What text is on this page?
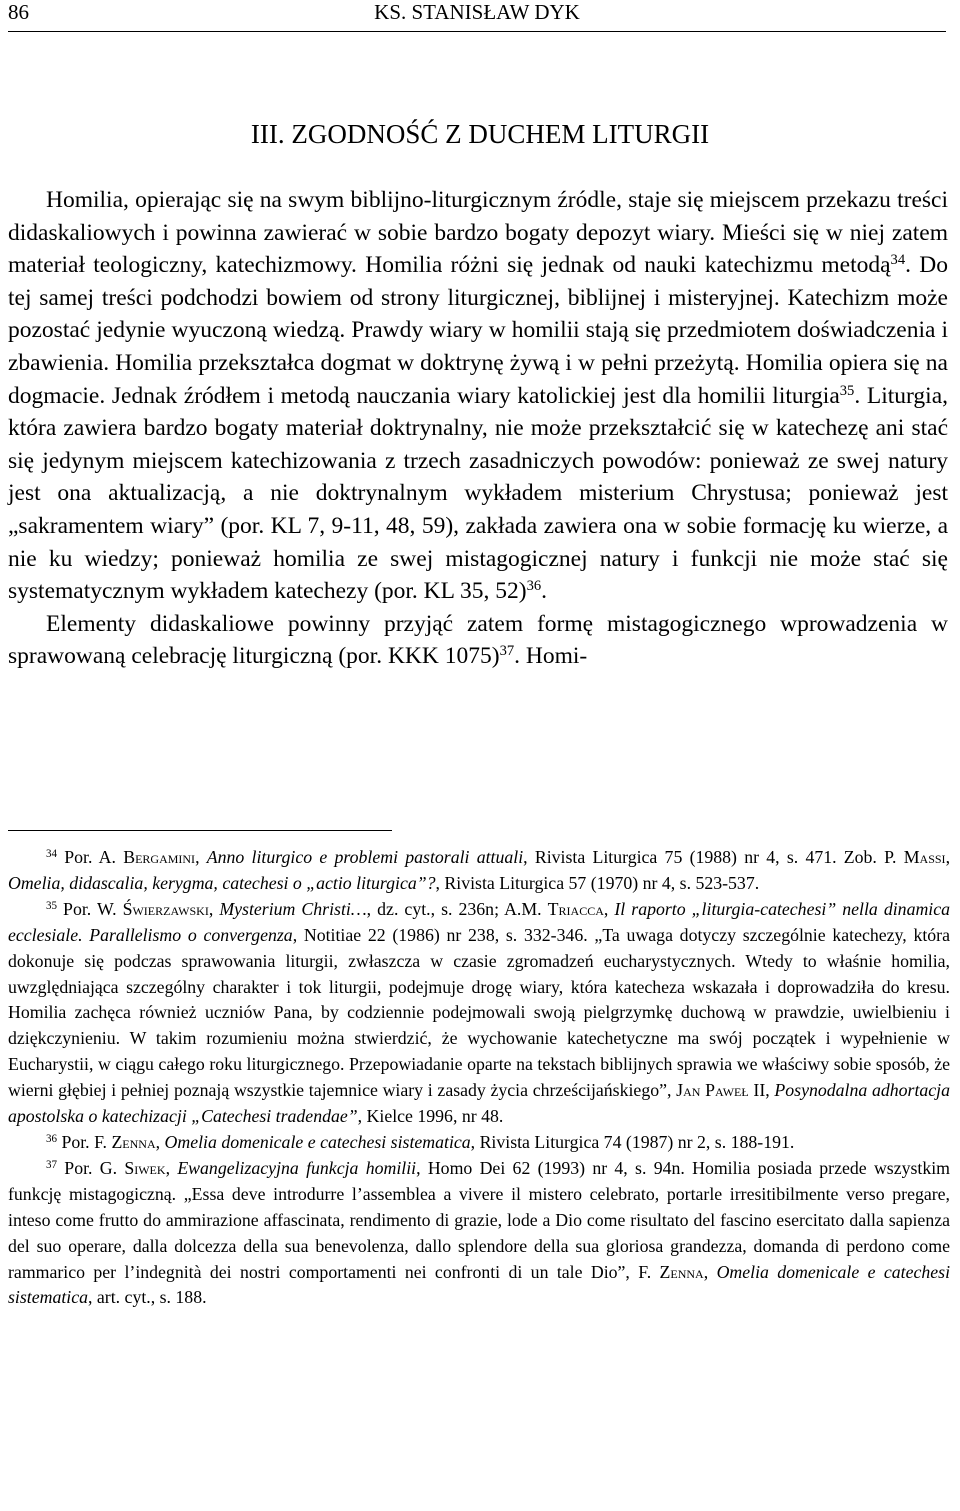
86	KS. STANISŁAW DYK
III. ZGODNOŚĆ Z DUCHEM LITURGII

Homilia, opierając się na swym biblijno-liturgicznym źródle, staje się miejscem przekazu treści didaskaliowych i powinna zawierać w sobie bardzo bogaty depozyt wiary. Mieści się w niej zatem materiał teologiczny, katechizmowy. Homilia różni się jednak od nauki katechizmu metodą$^{34}$. Do tej samej treści podchodzi bowiem od strony liturgicznej, biblijnej i misteryjnej. Katechizm może pozostać jedynie wyuczoną wiedzą. Prawdy wiary w homilii stają się przedmiotem doświadczenia i zbawienia. Homilia przekształca dogmat w doktrynę żywą i w pełni przeżytą. Homilia opiera się na dogmacie. Jednak źródłem i metodą nauczania wiary katolickiej jest dla homilii liturgia$^{35}$. Liturgia, która zawiera bardzo bogaty materiał doktrynalny, nie może przekształcić się w katechezę ani stać się jedynym miejscem katechizowania z trzech zasadniczych powodów: ponieważ ze swej natury jest ona aktualizacją, a nie doktrynalnym wykładem misterium Chrystusa; ponieważ jest „sakramentem wiary” (por. KL 7, 9-11, 48, 59), zakłada zawiera ona w sobie formację ku wierze, a nie ku wiedzy; ponieważ homilia ze swej mistagogicznej natury i funkcji nie może stać się systematycznym wykładem katechezy (por. KL 35, 52)$^{36}$.

Elementy didaskaliowe powinny przyjąć zatem formę mistagogicznego wprowadzenia w sprawowaną celebrację liturgiczną (por. KKK 1075)$^{37}$. Homi-

$^{34}$ Por. A. Bergamini, Anno liturgico e problemi pastorali attuali, Rivista Liturgica 75 (1988) nr 4, s. 471. Zob. P. Massi, Omelia, didascalia, kerygma, catechesi o „actio liturgica”?, Rivista Liturgica 57 (1970) nr 4, s. 523-537.

$^{35}$ Por. W. Świerzawski, Mysterium Christi…, dz. cyt., s. 236n; A.M. Triacca, Il raporto „liturgia-catechesi” nella dinamica ecclesiale. Parallelismo o convergenza, Notitiae 22 (1986) nr 238, s. 332-346. „Ta uwaga dotyczy szczególnie katechezy, która dokonuje się podczas sprawowania liturgii, zwłaszcza w czasie zgromadzeń eucharystycznych. Wtedy to właśnie homilia, uwzględniająca szczególny charakter i tok liturgii, podejmuje drogę wiary, która katecheza wskazała i doprowadziła do kresu. Homilia zachęca również uczniów Pana, by codziennie podejmowali swoją pielgrzymkę duchową w prawdzie, uwielbieniu i dziękczynieniu. W takim rozumieniu można stwierdzić, że wychowanie katechetyczne ma swój początek i wypełnienie w Eucharystii, w ciągu całego roku liturgicznego. Przepowiadanie oparte na tekstach biblijnych sprawia we właściwy sobie sposób, że wierni głębiej i pełniej poznają wszystkie tajemnice wiary i zasady życia chrześcijańskiego”, Jan Paweł II, Posynodalna adhortacja apostolska o katechizacji „Catechesi tradendae”, Kielce 1996, nr 48.

$^{36}$ Por. F. Zenna, Omelia domenicale e catechesi sistematica, Rivista Liturgica 74 (1987) nr 2, s. 188-191.

$^{37}$ Por. G. Siwek, Ewangelizacyjna funkcja homilii, Homo Dei 62 (1993) nr 4, s. 94n. Homilia posiada przede wszystkim funkcję mistagogiczną. „Essa deve introdurre l’assemblea a vivere il mistero celebrato, portarle irresitibilmente verso pregare, inteso come frutto do ammirazione affascinata, rendimento di grazie, lode a Dio come risultato del fascino esercitato dalla sapienza del suo operare, dalla dolcezza della sua benevolenza, dallo splendore della sua gloriosa grandezza, domanda di perdono come rammarico per l’indegnità dei nostri comportamenti nei confronti di un tale Dio”, F. Zenna, Omelia domenicale e catechesi sistematica, art. cyt., s. 188.
